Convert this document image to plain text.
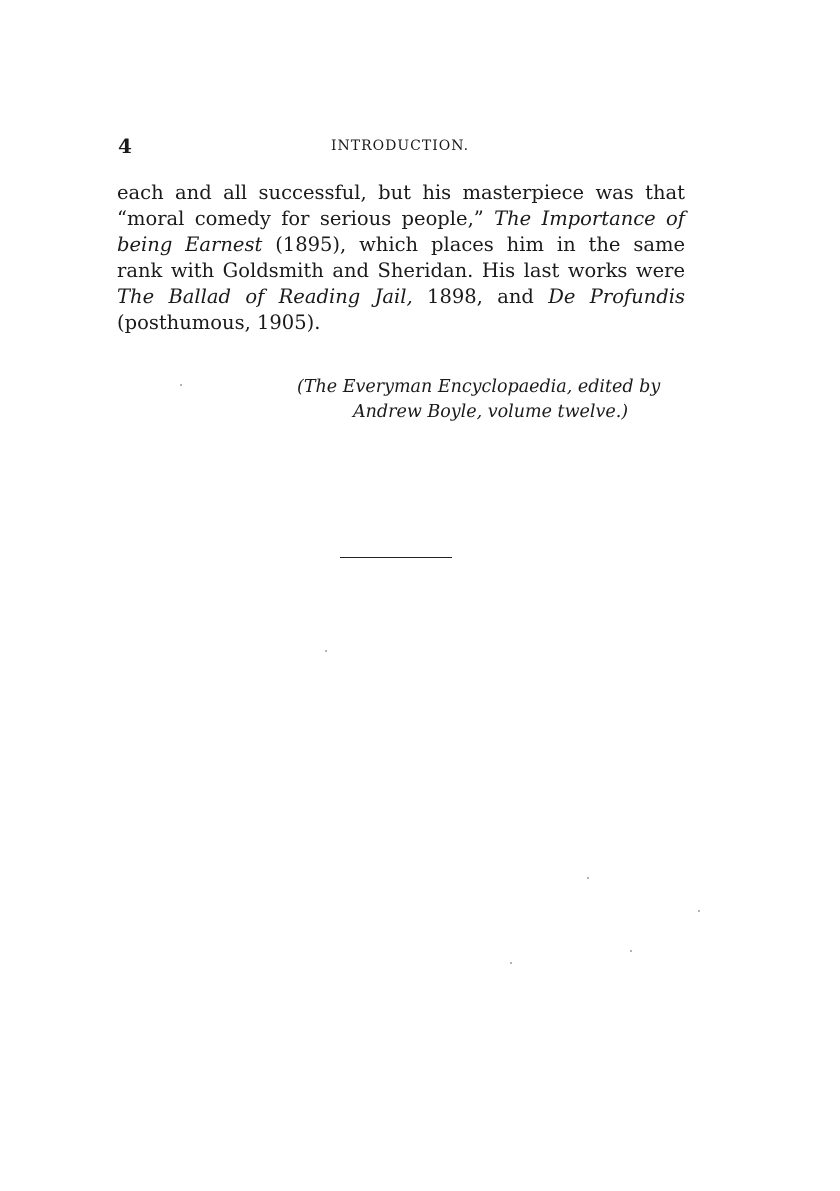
4	INTRODUCTION.
each and all successful, but his masterpiece was that
“moral comedy for serious people,” The Importance of
being Earnest (1895), which places him in the same
rank with Goldsmith and Sheridan. His last works were
The Ballad of Reading Jail, 1898, and De Profundis
(posthumous, 1905).
(The Everyman Encyclopaedia, edited by
Andrew Boyle, volume twelve.)
